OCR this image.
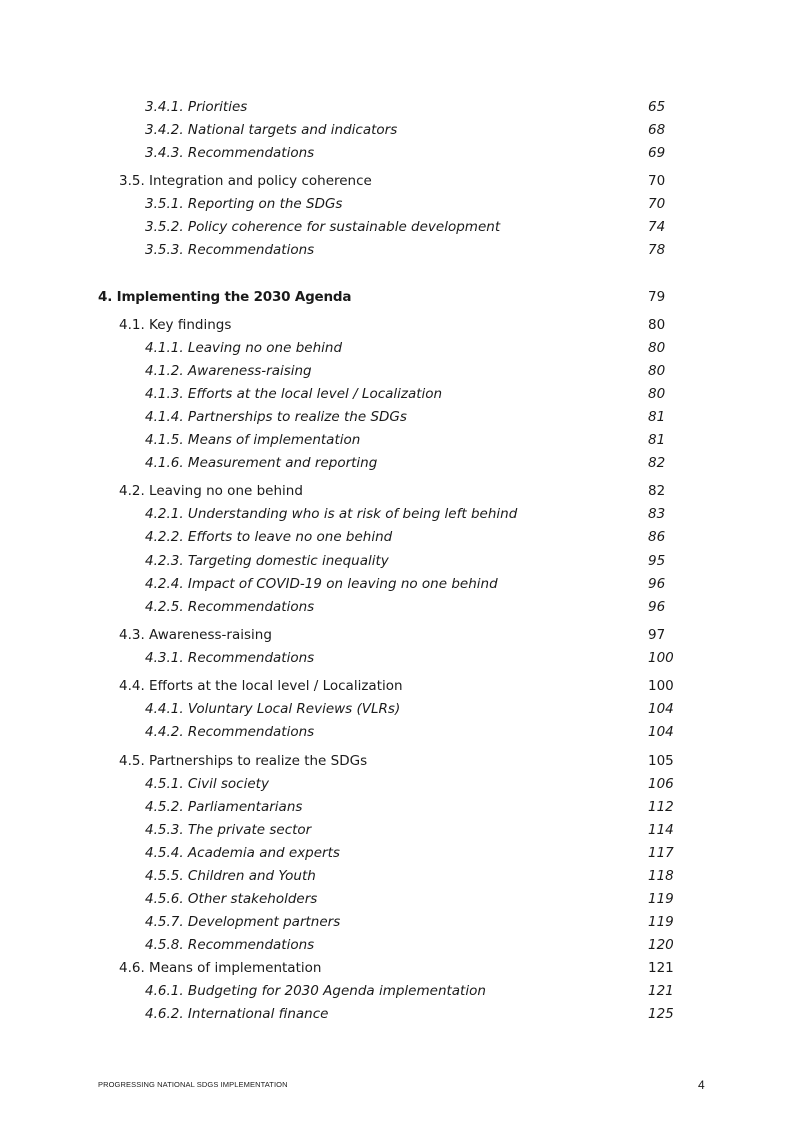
3.4.1. Priorities	65
3.4.2. National targets and indicators	68
3.4.3. Recommendations	69
3.5. Integration and policy coherence	70
3.5.1. Reporting on the SDGs	70
3.5.2. Policy coherence for sustainable development	74
3.5.3. Recommendations	78
4. Implementing the 2030 Agenda	79
4.1. Key findings	80
4.1.1. Leaving no one behind	80
4.1.2. Awareness-raising	80
4.1.3. Efforts at the local level / Localization	80
4.1.4. Partnerships to realize the SDGs	81
4.1.5. Means of implementation	81
4.1.6. Measurement and reporting	82
4.2. Leaving no one behind	82
4.2.1. Understanding who is at risk of being left behind	83
4.2.2. Efforts to leave no one behind	86
4.2.3. Targeting domestic inequality	95
4.2.4. Impact of COVID-19 on leaving no one behind	96
4.2.5. Recommendations	96
4.3. Awareness-raising	97
4.3.1. Recommendations	100
4.4. Efforts at the local level / Localization	100
4.4.1. Voluntary Local Reviews (VLRs)	104
4.4.2. Recommendations	104
4.5. Partnerships to realize the SDGs	105
4.5.1. Civil society	106
4.5.2. Parliamentarians	112
4.5.3. The private sector	114
4.5.4. Academia and experts	117
4.5.5. Children and Youth	118
4.5.6. Other stakeholders	119
4.5.7. Development partners	119
4.5.8. Recommendations	120
4.6. Means of implementation	121
4.6.1. Budgeting for 2030 Agenda implementation	121
4.6.2. International finance	125
PROGRESSING NATIONAL SDGS IMPLEMENTATION	4
